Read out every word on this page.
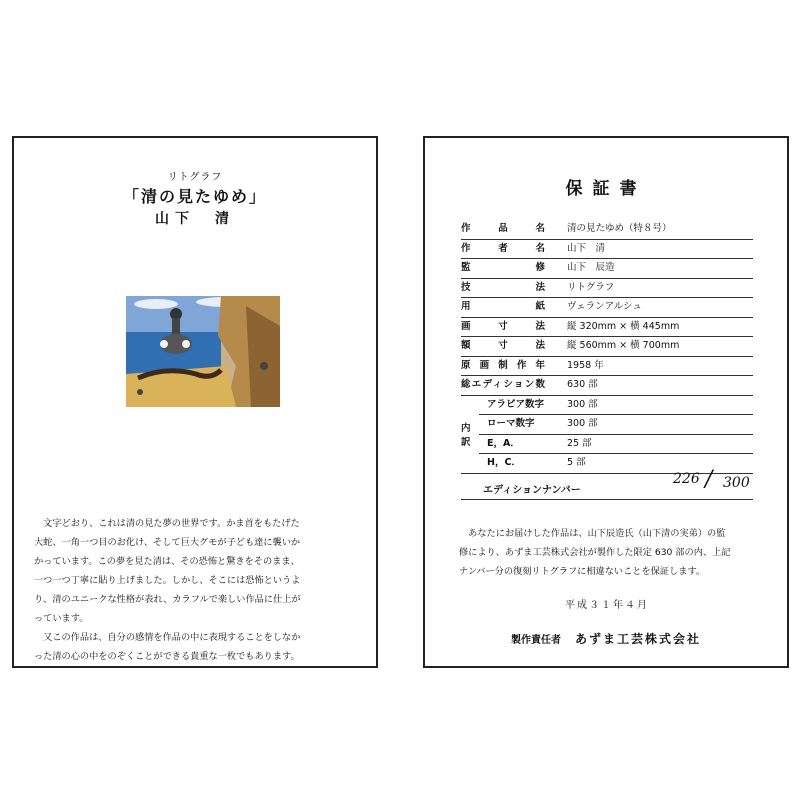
リトグラフ
「清の見たゆめ」
山下　清

　文字どおり、これは清の見た夢の世界です。かま首をもたげた

大蛇、一角一つ目のお化け、そして巨大グモが子ども達に襲いか

かっています。この夢を見た清は、その恐怖と驚きをそのまま、

一つ一つ丁寧に貼り上げました。しかし、そこには恐怖というよ

り、清のユニークな性格が表れ、カラフルで楽しい作品に仕上が

っています。

　又この作品は、自分の感情を作品の中に表現することをしなか

った清の心の中をのぞくことができる貴重な一枚でもあります。

保証書
作品名	清の見たゆめ（特８号）
作者名	山下　清
監修	山下　辰造
技法	リトグラフ
用紙	ヴェランアルシュ
画寸法	縦 320mm × 横 445mm
額寸法	縦 560mm × 横 700mm
原画制作年	1958 年
総エディション数	630 部
内訳
アラビア数字	300 部
ローマ数字	300 部
E，A．	25 部
H，C．	5 部
エディションナンバー
226 / 300
　あなたにお届けした作品は、山下辰造氏（山下清の実弟）の監
修により、あずま工芸株式会社が製作した限定 630 部の内、上記
ナンバー分の復刻リトグラフに相違ないことを保証します。
平成３１年４月
製作責任者 あずま工芸株式会社
